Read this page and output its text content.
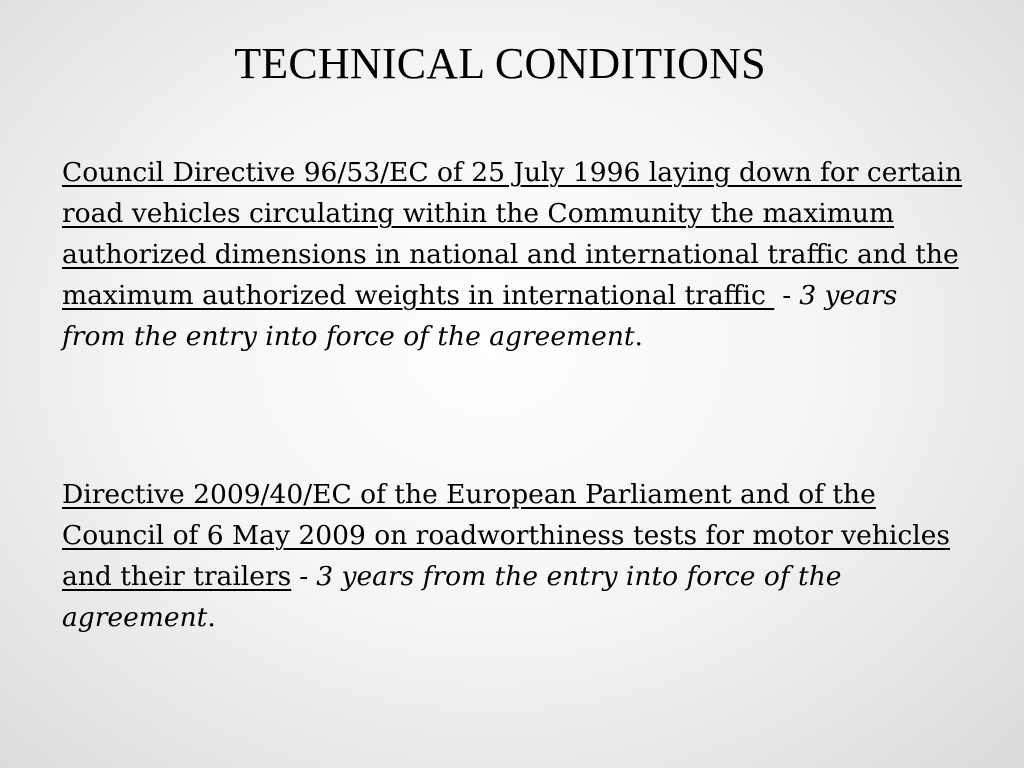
TECHNICAL CONDITIONS
Council Directive 96/53/EC of 25 July 1996 laying down for certain road vehicles circulating within the Community the maximum authorized dimensions in national and international traffic and the maximum authorized weights in international traffic - 3 years from the entry into force of the agreement.
Directive 2009/40/EC of the European Parliament and of the Council of 6 May 2009 on roadworthiness tests for motor vehicles and their trailers - 3 years from the entry into force of the agreement.
